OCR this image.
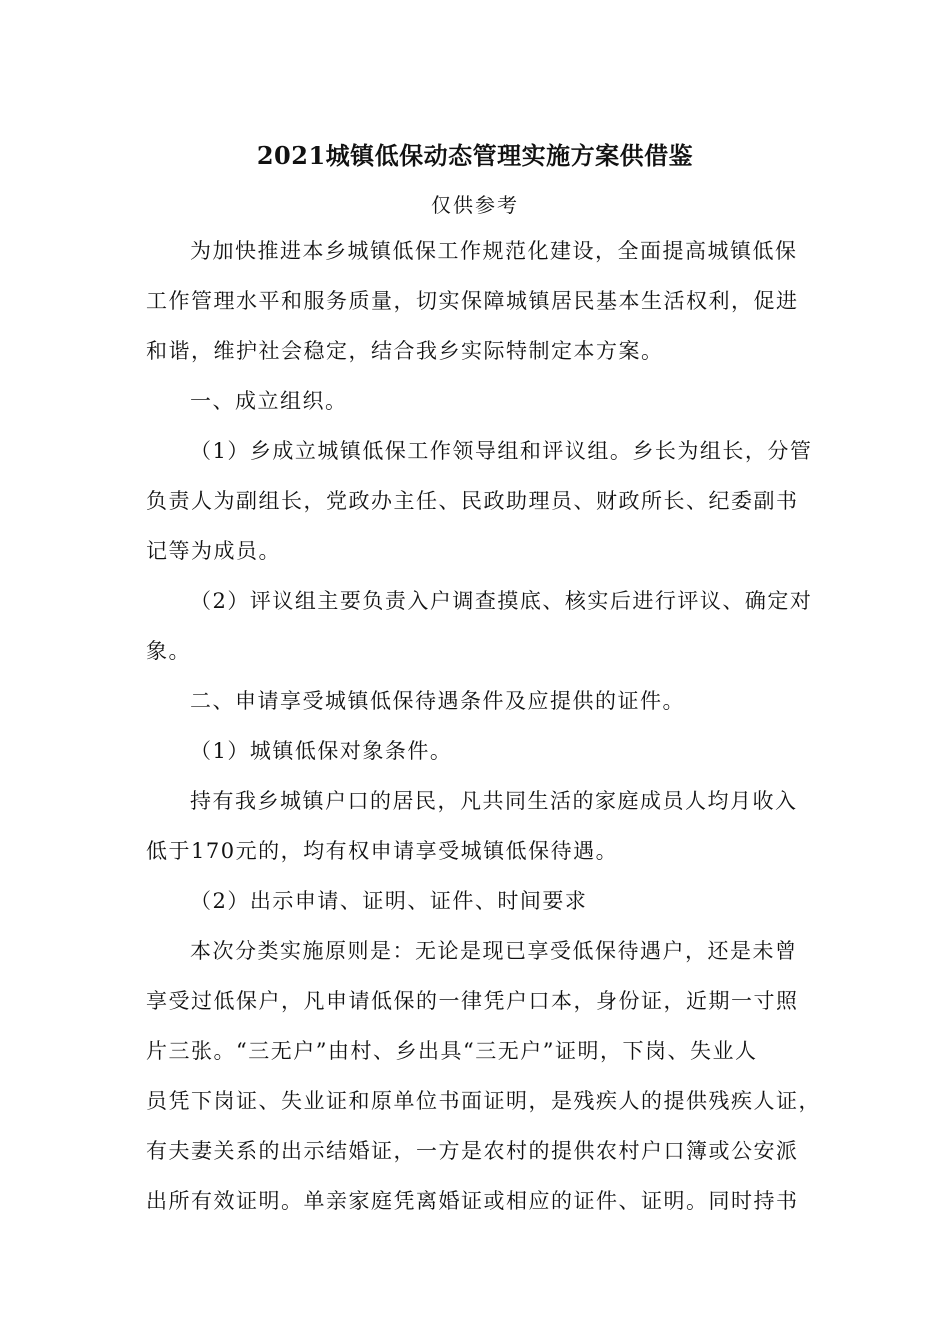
2021城镇低保动态管理实施方案供借鉴
仅供参考
为加快推进本乡城镇低保工作规范化建设，全面提高城镇低保
工作管理水平和服务质量，切实保障城镇居民基本生活权利，促进
和谐，维护社会稳定，结合我乡实际特制定本方案。
一、成立组织。
（1）乡成立城镇低保工作领导组和评议组。乡长为组长，分管
负责人为副组长，党政办主任、民政助理员、财政所长、纪委副书
记等为成员。
（2）评议组主要负责入户调查摸底、核实后进行评议、确定对
象。
二、申请享受城镇低保待遇条件及应提供的证件。
（1）城镇低保对象条件。
持有我乡城镇户口的居民，凡共同生活的家庭成员人均月收入
低于170元的，均有权申请享受城镇低保待遇。
（2）出示申请、证明、证件、时间要求
本次分类实施原则是：无论是现已享受低保待遇户，还是未曾
享受过低保户，凡申请低保的一律凭户口本，身份证，近期一寸照
片三张。“三无户”由村、乡出具“三无户”证明，下岗、失业人
员凭下岗证、失业证和原单位书面证明，是残疾人的提供残疾人证，
有夫妻关系的出示结婚证，一方是农村的提供农村户口簿或公安派
出所有效证明。单亲家庭凭离婚证或相应的证件、证明。同时持书
